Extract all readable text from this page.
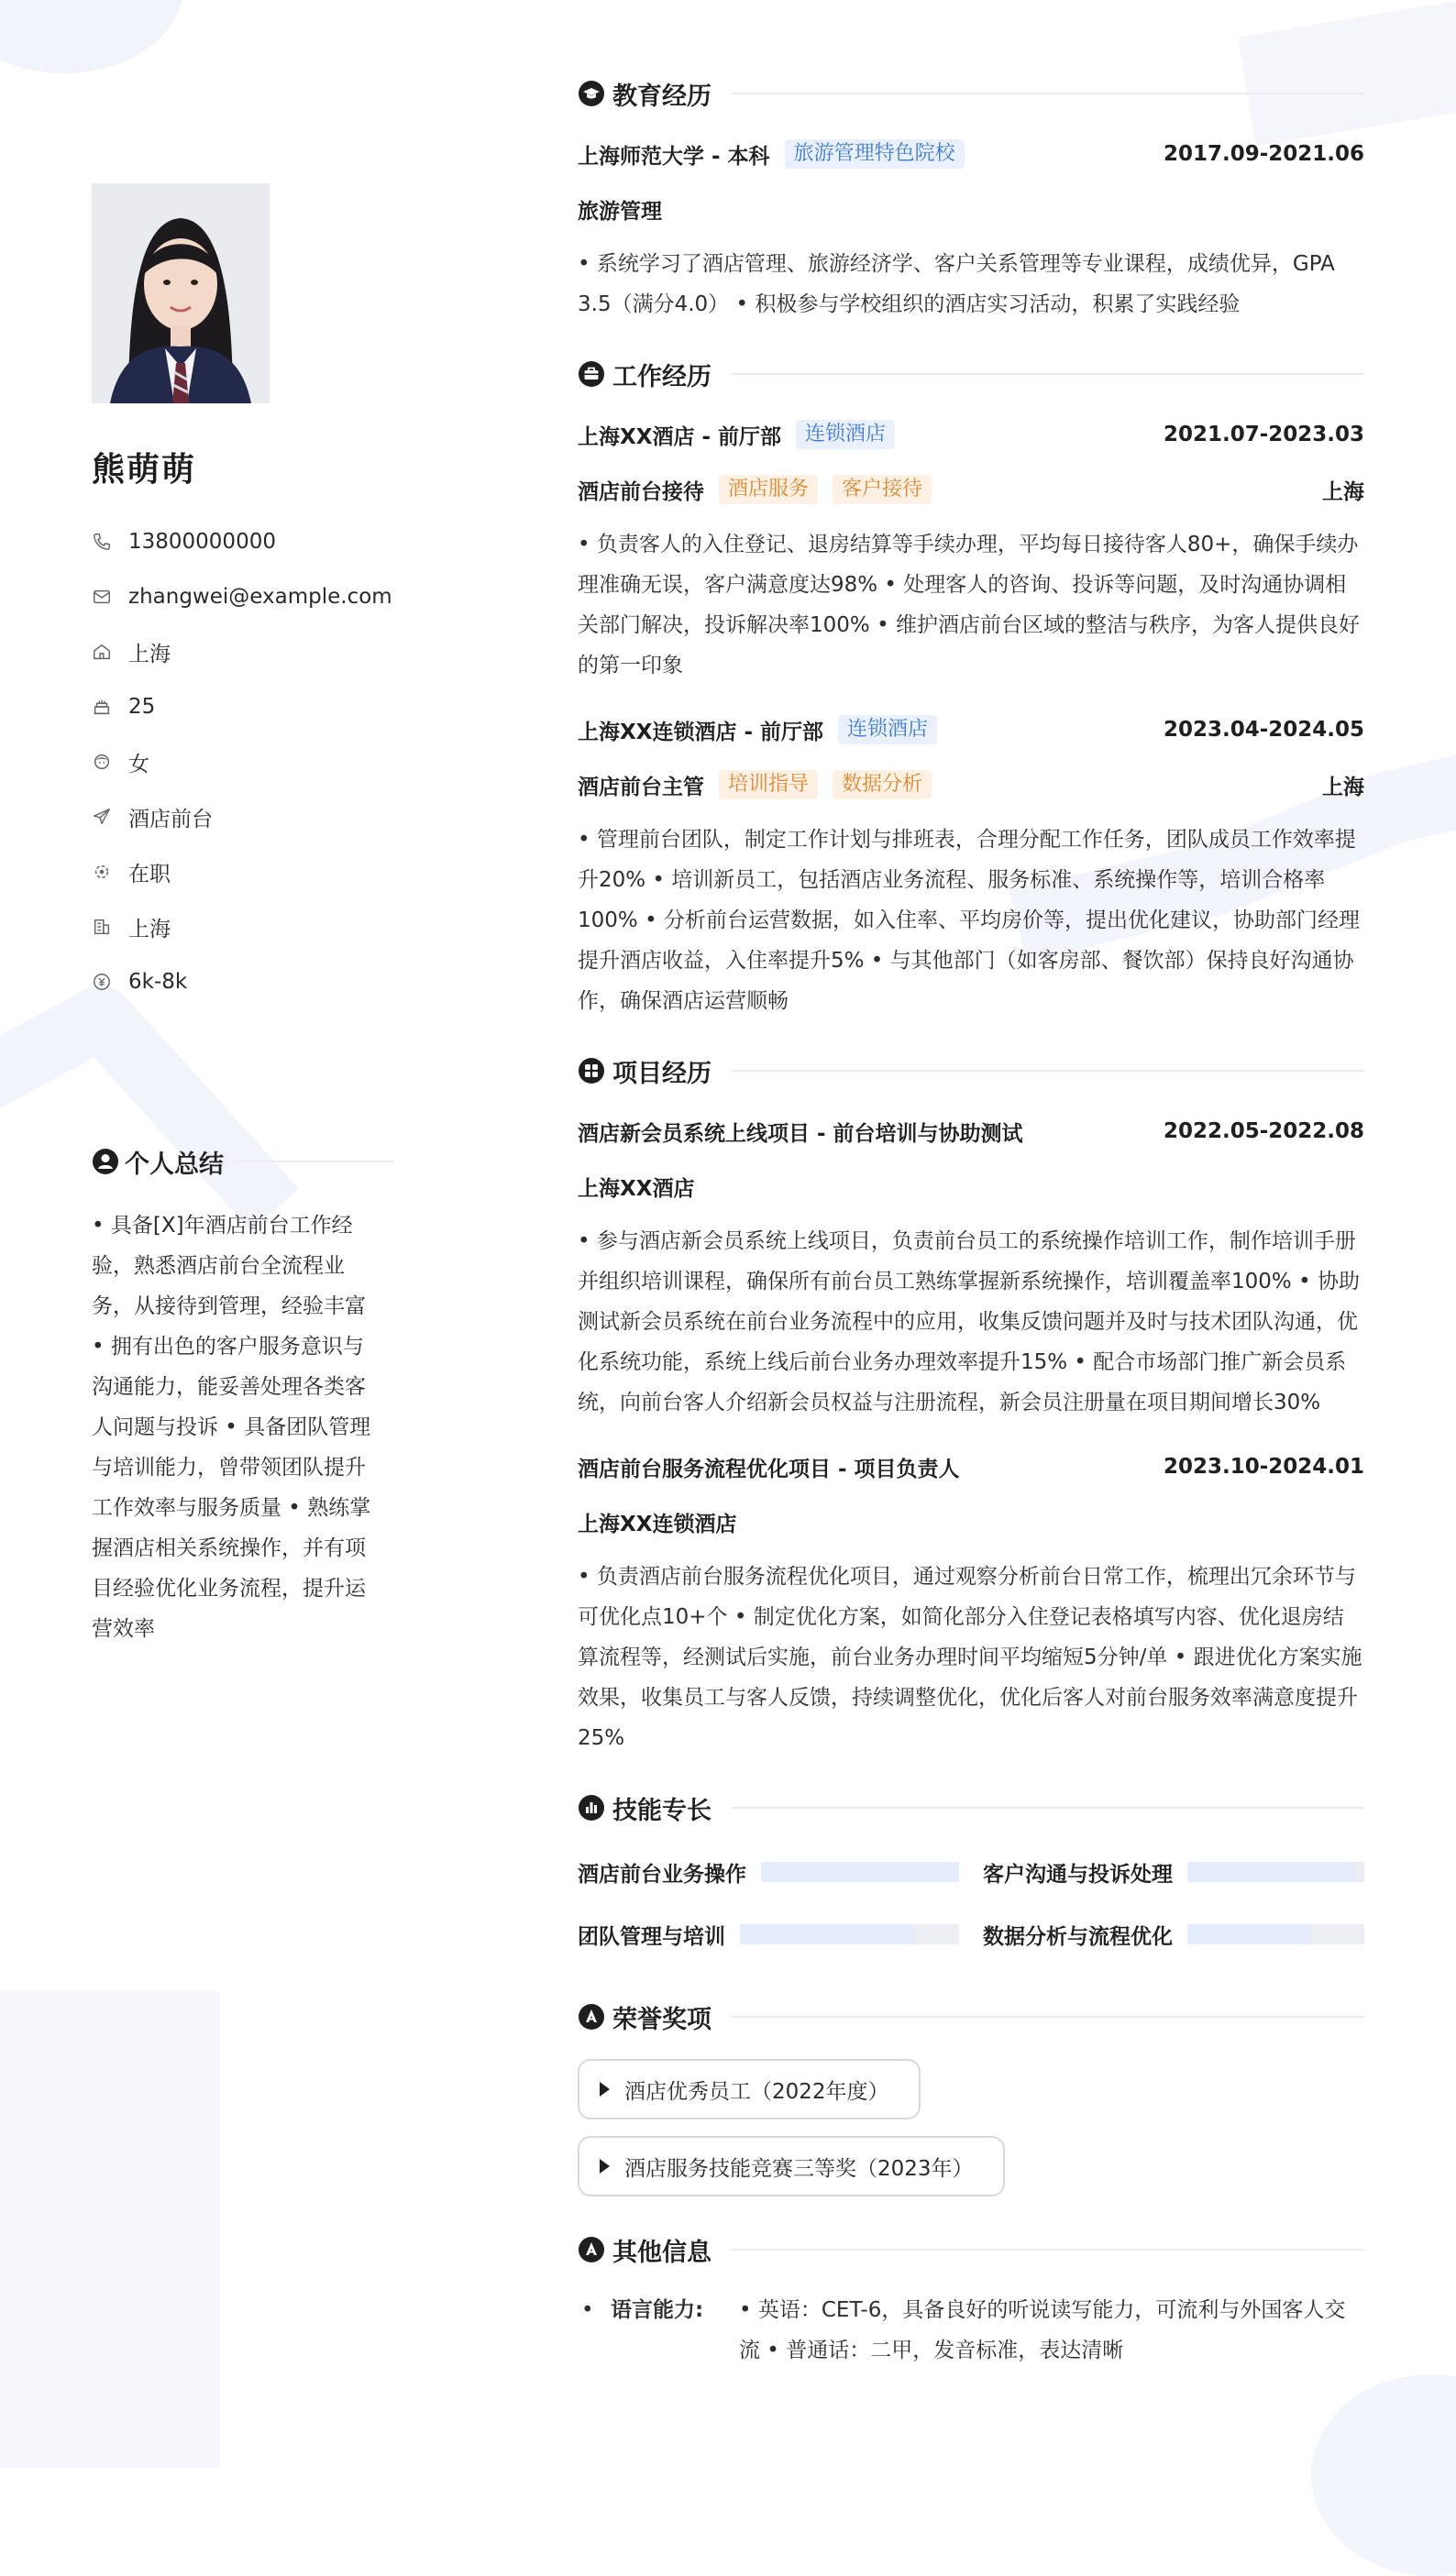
熊萌萌
13800000000
zhangwei@example.com
上海
25
女
酒店前台
在职
上海
6k-8k
个人总结
• 具备[X]年酒店前台工作经验，熟悉酒店前台全流程业务，从接待到管理，经验丰富 • 拥有出色的客户服务意识与沟通能力，能妥善处理各类客人问题与投诉 • 具备团队管理与培训能力，曾带领团队提升工作效率与服务质量 • 熟练掌握酒店相关系统操作，并有项目经验优化业务流程，提升运营效率
教育经历
上海师范大学 - 本科	旅游管理特色院校	2017.09-2021.06
旅游管理
• 系统学习了酒店管理、旅游经济学、客户关系管理等专业课程，成绩优异，GPA 3.5（满分4.0） • 积极参与学校组织的酒店实习活动，积累了实践经验
工作经历
上海XX酒店 - 前厅部	连锁酒店	2021.07-2023.03
酒店前台接待	酒店服务	客户接待	上海
• 负责客人的入住登记、退房结算等手续办理，平均每日接待客人80+，确保手续办理准确无误，客户满意度达98% • 处理客人的咨询、投诉等问题，及时沟通协调相关部门解决，投诉解决率100% • 维护酒店前台区域的整洁与秩序，为客人提供良好的第一印象
上海XX连锁酒店 - 前厅部	连锁酒店	2023.04-2024.05
酒店前台主管	培训指导	数据分析	上海
• 管理前台团队，制定工作计划与排班表，合理分配工作任务，团队成员工作效率提升20% • 培训新员工，包括酒店业务流程、服务标准、系统操作等，培训合格率100% • 分析前台运营数据，如入住率、平均房价等，提出优化建议，协助部门经理提升酒店收益，入住率提升5% • 与其他部门（如客房部、餐饮部）保持良好沟通协作，确保酒店运营顺畅
项目经历
酒店新会员系统上线项目 - 前台培训与协助测试	2022.05-2022.08
上海XX酒店
• 参与酒店新会员系统上线项目，负责前台员工的系统操作培训工作，制作培训手册并组织培训课程，确保所有前台员工熟练掌握新系统操作，培训覆盖率100% • 协助测试新会员系统在前台业务流程中的应用，收集反馈问题并及时与技术团队沟通，优化系统功能，系统上线后前台业务办理效率提升15% • 配合市场部门推广新会员系统，向前台客人介绍新会员权益与注册流程，新会员注册量在项目期间增长30%
酒店前台服务流程优化项目 - 项目负责人	2023.10-2024.01
上海XX连锁酒店
• 负责酒店前台服务流程优化项目，通过观察分析前台日常工作，梳理出冗余环节与可优化点10+个 • 制定优化方案，如简化部分入住登记表格填写内容、优化退房结算流程等，经测试后实施，前台业务办理时间平均缩短5分钟/单 • 跟进优化方案实施效果，收集员工与客人反馈，持续调整优化，优化后客人对前台服务效率满意度提升25%
技能专长
酒店前台业务操作	客户沟通与投诉处理
团队管理与培训	数据分析与流程优化
荣誉奖项
酒店优秀员工（2022年度）
酒店服务技能竞赛三等奖（2023年）
其他信息
• 语言能力:	• 英语：CET-6，具备良好的听说读写能力，可流利与外国客人交流 • 普通话：二甲，发音标准，表达清晰
